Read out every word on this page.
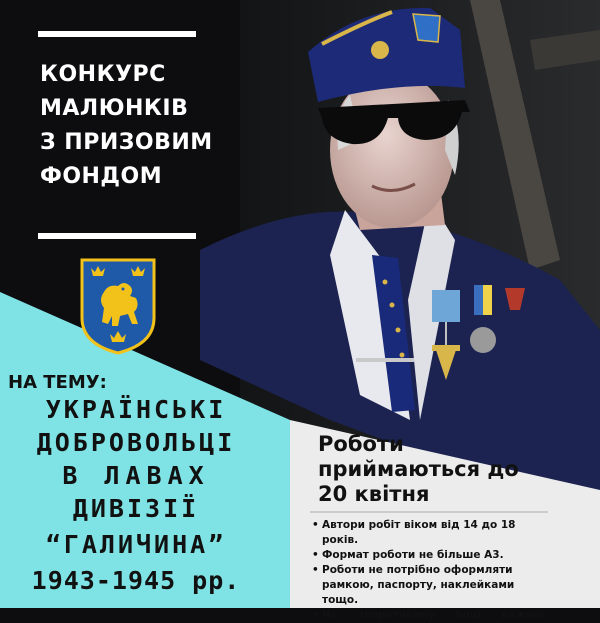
КОНКУРС
МАЛЮНКІВ
З ПРИЗОВИМ
ФОНДОМ
НА ТЕМУ:
УКРАЇНСЬКІ
ДОБРОВОЛЬЦІ
В ЛАВАХ
ДИВІЗІЇ
“ГАЛИЧИНА”
1943-1945 рр.
Роботи
приймаються до
20 квітня
• Автори робіт віком від 14 до 18 років.
• Формат роботи не більше А3.
• Роботи не потрібно оформляти рамкою, паспорту, наклейками тощо.
• На зворотньому боці кожної
